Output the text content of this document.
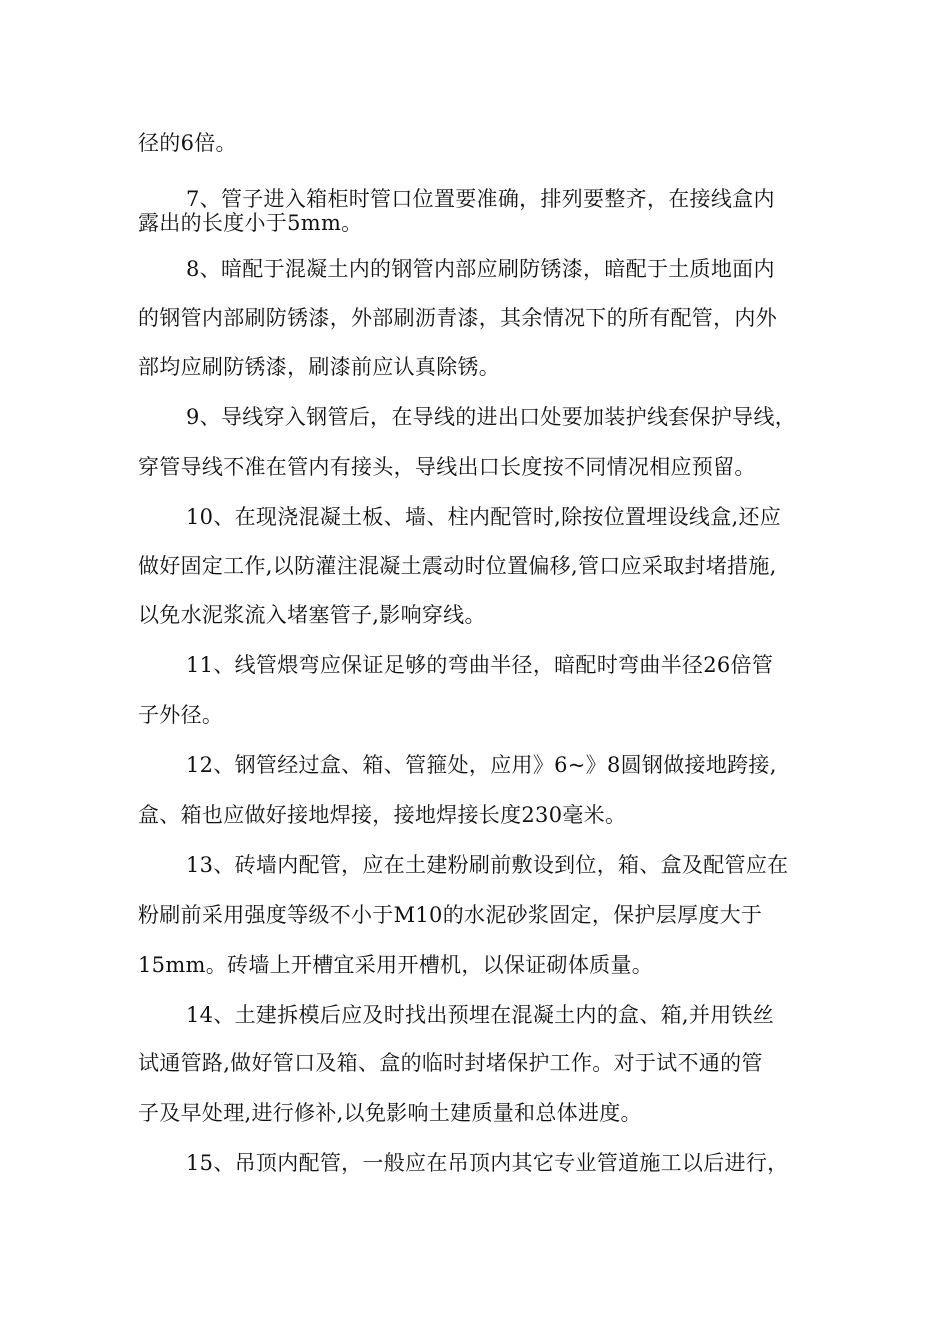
径的6倍。
7、管子进入箱柜时管口位置要准确，排列要整齐，在接线盒内
露出的长度小于5mm。
8、暗配于混凝土内的钢管内部应刷防锈漆，暗配于土质地面内
的钢管内部刷防锈漆，外部刷沥青漆，其余情况下的所有配管，内外
部均应刷防锈漆，刷漆前应认真除锈。
9、导线穿入钢管后，在导线的进出口处要加装护线套保护导线，
穿管导线不准在管内有接头，导线出口长度按不同情况相应预留。
10、在现浇混凝土板、墙、柱内配管时,除按位置埋设线盒,还应
做好固定工作,以防灌注混凝土震动时位置偏移,管口应采取封堵措施,
以免水泥浆流入堵塞管子,影响穿线。
11、线管煨弯应保证足够的弯曲半径，暗配时弯曲半径26倍管
子外径。
12、钢管经过盒、箱、管箍处，应用》6~》8圆钢做接地跨接,
盒、箱也应做好接地焊接，接地焊接长度230毫米。
13、砖墙内配管，应在土建粉刷前敷设到位，箱、盒及配管应在
粉刷前采用强度等级不小于M10的水泥砂浆固定，保护层厚度大于
15mm。砖墙上开槽宜采用开槽机，以保证砌体质量。
14、土建拆模后应及时找出预埋在混凝土内的盒、箱,并用铁丝
试通管路,做好管口及箱、盒的临时封堵保护工作。对于试不通的管
子及早处理,进行修补,以免影响土建质量和总体进度。
15、吊顶内配管，一般应在吊顶内其它专业管道施工以后进行，
